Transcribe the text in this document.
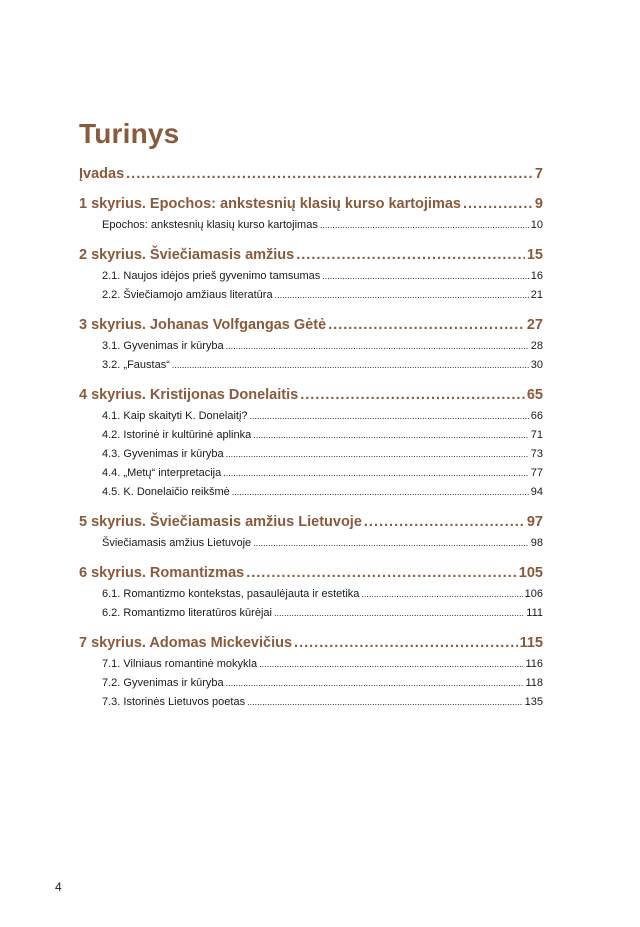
Turinys
Įvadas .....	7
1 skyrius. Epochos: ankstesnių klasių kurso kartojimas .....	9
Epochos: ankstesnių klasių kurso kartojimas .....	10
2 skyrius. Šviečiamasis amžius .....	15
2.1. Naujos idėjos prieš gyvenimo tamsumas .....	16
2.2. Šviečiamojo amžiaus literatūra .....	21
3 skyrius. Johanas Volfgangas Gėtė .....	27
3.1. Gyvenimas ir kūryba .....	28
3.2. „Faustas“ .....	30
4 skyrius. Kristijonas Donelaitis .....	65
4.1. Kaip skaityti K. Donelaitį? .....	66
4.2. Istorinė ir kultūrinė aplinka .....	71
4.3. Gyvenimas ir kūryba .....	73
4.4. „Metų“ interpretacija .....	77
4.5. K. Donelaičio reikšmė .....	94
5 skyrius. Šviečiamasis amžius Lietuvoje .....	97
Šviečiamasis amžius Lietuvoje .....	98
6 skyrius. Romantizmas .....	105
6.1. Romantizmo kontekstas, pasaulėjauta ir estetika .....	106
6.2. Romantizmo literatūros kūrėjai .....	111
7 skyrius. Adomas Mickevičius .....	115
7.1. Vilniaus romantinė mokykla .....	116
7.2. Gyvenimas ir kūryba .....	118
7.3. Istorinės Lietuvos poetas .....	135
4
